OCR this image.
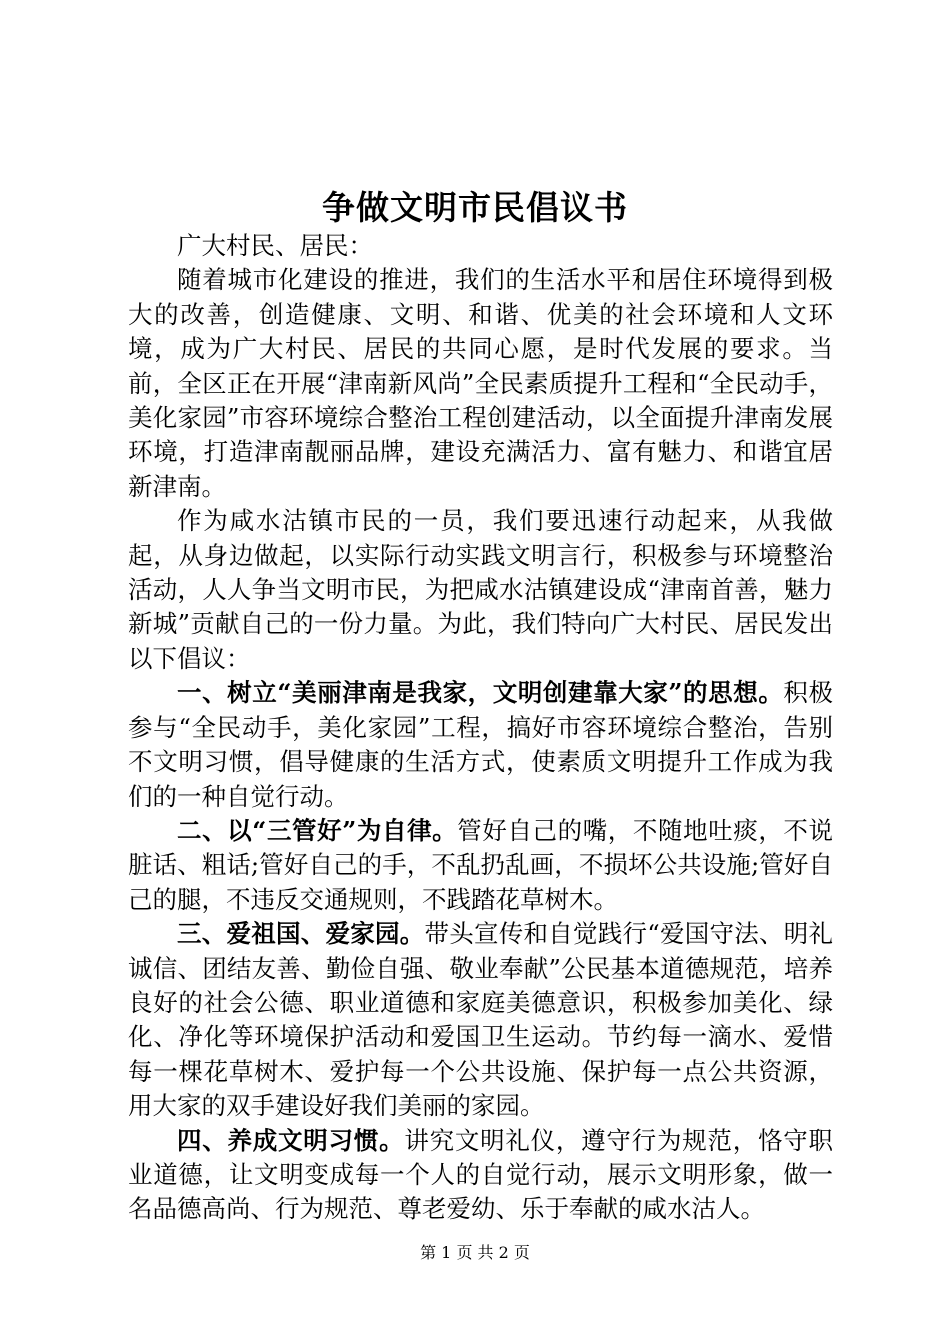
争做文明市民倡议书

广大村民、居民：

随着城市化建设的推进，我们的生活水平和居住环境得到极大的改善，创造健康、文明、和谐、优美的社会环境和人文环境，成为广大村民、居民的共同心愿，是时代发展的要求。当前，全区正在开展“津南新风尚”全民素质提升工程和“全民动手，美化家园”市容环境综合整治工程创建活动，以全面提升津南发展环境，打造津南靓丽品牌，建设充满活力、富有魅力、和谐宜居新津南。

作为咸水沽镇市民的一员，我们要迅速行动起来，从我做起，从身边做起，以实际行动实践文明言行，积极参与环境整治活动，人人争当文明市民，为把咸水沽镇建设成“津南首善，魅力新城”贡献自己的一份力量。为此，我们特向广大村民、居民发出以下倡议：

一、树立“美丽津南是我家，文明创建靠大家”的思想。积极参与“全民动手，美化家园”工程，搞好市容环境综合整治，告别不文明习惯，倡导健康的生活方式，使素质文明提升工作成为我们的一种自觉行动。

二、以“三管好”为自律。管好自己的嘴，不随地吐痰，不说脏话、粗话;管好自己的手，不乱扔乱画，不损坏公共设施;管好自己的腿，不违反交通规则，不践踏花草树木。

三、爱祖国、爱家园。带头宣传和自觉践行“爱国守法、明礼诚信、团结友善、勤俭自强、敬业奉献”公民基本道德规范，培养良好的社会公德、职业道德和家庭美德意识，积极参加美化、绿化、净化等环境保护活动和爱国卫生运动。节约每一滴水、爱惜每一棵花草树木、爱护每一个公共设施、保护每一点公共资源，用大家的双手建设好我们美丽的家园。

四、养成文明习惯。讲究文明礼仪，遵守行为规范，恪守职业道德，让文明变成每一个人的自觉行动，展示文明形象，做一名品德高尚、行为规范、尊老爱幼、乐于奉献的咸水沽人。

第 1 页 共 2 页
